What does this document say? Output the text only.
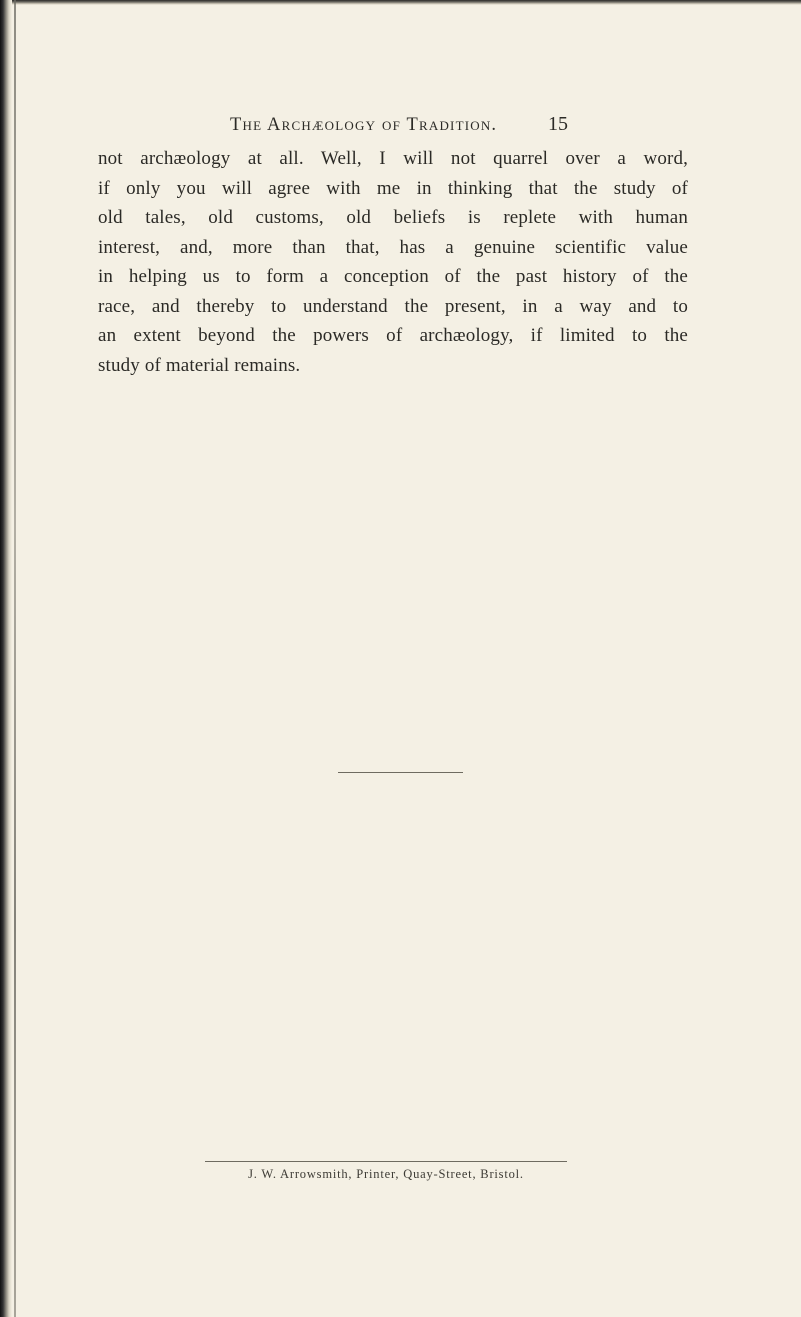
The Archæology of Tradition.	15
not archæology at all. Well, I will not quarrel over a word,
if only you will agree with me in thinking that the study of
old tales, old customs, old beliefs is replete with human
interest, and, more than that, has a genuine scientific value
in helping us to form a conception of the past history of the
race, and thereby to understand the present, in a way and to
an extent beyond the powers of archæology, if limited to the
study of material remains.
J. W. Arrowsmith, Printer, Quay-Street, Bristol.
